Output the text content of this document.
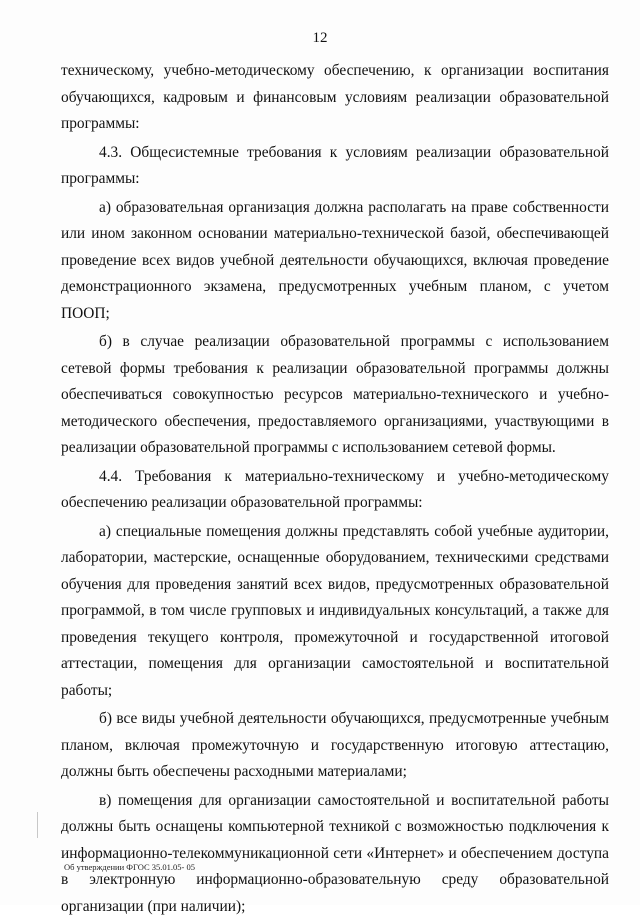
12

техническому, учебно-методическому обеспечению, к организации воспитания обучающихся, кадровым и финансовым условиям реализации образовательной программы:

4.3. Общесистемные требования к условиям реализации образовательной программы:

а) образовательная организация должна располагать на праве собственности или ином законном основании материально-технической базой, обеспечивающей проведение всех видов учебной деятельности обучающихся, включая проведение демонстрационного экзамена, предусмотренных учебным планом, с учетом ПООП;

б) в случае реализации образовательной программы с использованием сетевой формы требования к реализации образовательной программы должны обеспечиваться совокупностью ресурсов материально-технического и учебно-методического обеспечения, предоставляемого организациями, участвующими в реализации образовательной программы с использованием сетевой формы.

4.4. Требования к материально-техническому и учебно-методическому обеспечению реализации образовательной программы:

а) специальные помещения должны представлять собой учебные аудитории, лаборатории, мастерские, оснащенные оборудованием, техническими средствами обучения для проведения занятий всех видов, предусмотренных образовательной программой, в том числе групповых и индивидуальных консультаций, а также для проведения текущего контроля, промежуточной и государственной итоговой аттестации, помещения для организации самостоятельной и воспитательной работы;

б) все виды учебной деятельности обучающихся, предусмотренные учебным планом, включая промежуточную и государственную итоговую аттестацию, должны быть обеспечены расходными материалами;

в) помещения для организации самостоятельной и воспитательной работы должны быть оснащены компьютерной техникой с возможностью подключения к информационно-телекоммуникационной сети «Интернет» и обеспечением доступа в электронную информационно-образовательную среду образовательной организации (при наличии);

Об утверждении ФГОС 35.01.05- 05
